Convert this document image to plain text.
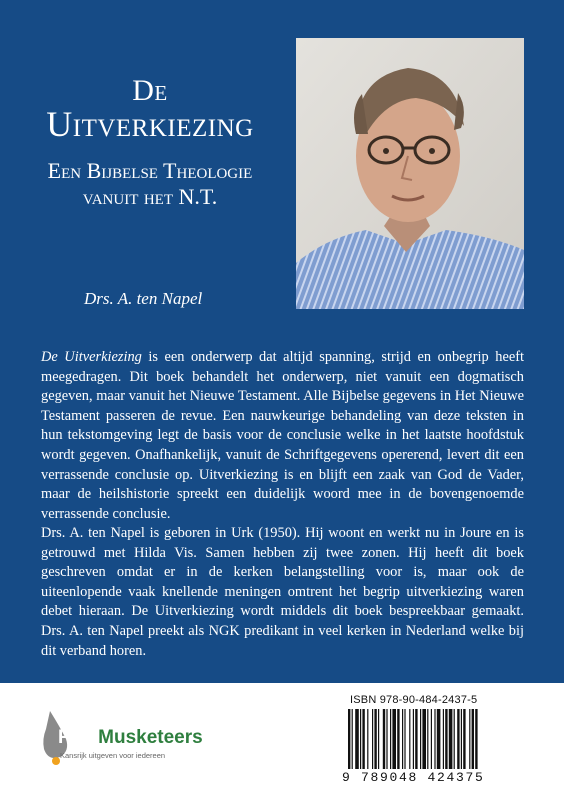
De
Uitverkiezing
Een Bijbelse Theologie
vanuit het N.T.
Drs. A. ten Napel

De Uitverkiezing is een onderwerp dat altijd spanning, strijd en onbegrip heeft meegedragen. Dit boek behandelt het onderwerp, niet vanuit een dogmatisch gegeven, maar vanuit het Nieuwe Testament. Alle Bijbelse gegevens in Het Nieuwe Testament passeren de revue. Een nauwkeurige behandeling van deze teksten in hun tekstomgeving legt de basis voor de conclusie welke in het laatste hoofdstuk wordt gegeven. Onafhankelijk, vanuit de Schriftgegevens opererend, levert dit een verrassende conclusie op. Uitverkiezing is en blijft een zaak van God de Vader, maar de heilshistorie spreekt een duidelijk woord mee in de bovengenoemde verrassende conclusie.

Drs. A. ten Napel is geboren in Urk (1950). Hij woont en werkt nu in Joure en is getrouwd met Hilda Vis. Samen hebben zij twee zonen. Hij heeft dit boek geschreven omdat er in de kerken belangstelling voor is, maar ook de uiteenlopende vaak knellende meningen omtrent het begrip uitverkiezing waren debet hieraan. De Uitverkiezing wordt middels dit boek bespreekbaar gemaakt. Drs. A. ten Napel preekt als NGK predikant in veel kerken in Nederland welke bij dit verband horen.

FreeMusketeers
Kansrijk uitgeven voor iedereen
ISBN 978-90-484-2437-5
9 789048 424375
